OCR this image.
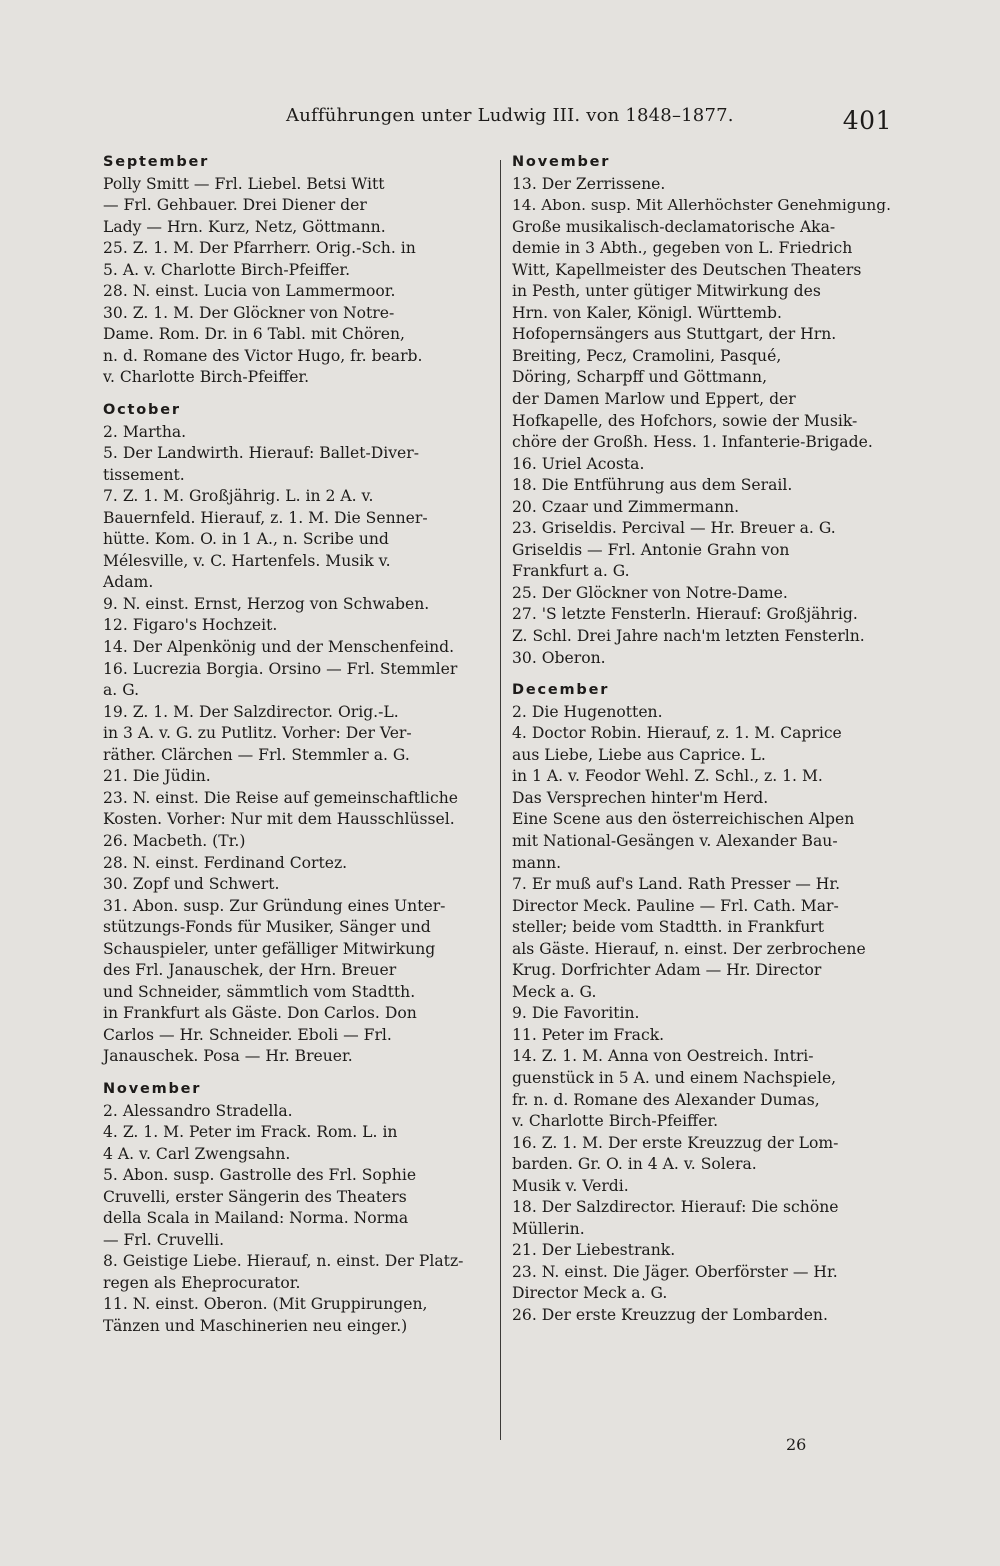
Aufführungen unter Ludwig III. von 1848–1877.	401
September
Polly Smitt — Frl. Liebel. Betsi Witt
— Frl. Gehbauer. Drei Diener der
Lady — Hrn. Kurz, Netz, Göttmann.
25. Z. 1. M. Der Pfarrherr. Orig.-Sch. in
5. A. v. Charlotte Birch-Pfeiffer.
28. N. einst. Lucia von Lammermoor.
30. Z. 1. M. Der Glöckner von Notre-
Dame. Rom. Dr. in 6 Tabl. mit Chören,
n. d. Romane des Victor Hugo, fr. bearb.
v. Charlotte Birch-Pfeiffer.
October
2. Martha.
5. Der Landwirth. Hierauf: Ballet-Diver-
tissement.
7. Z. 1. M. Großjährig. L. in 2 A. v.
Bauernfeld. Hierauf, z. 1. M. Die Senner-
hütte. Kom. O. in 1 A., n. Scribe und
Mélesville, v. C. Hartenfels. Musik v.
Adam.
9. N. einst. Ernst, Herzog von Schwaben.
12. Figaro's Hochzeit.
14. Der Alpenkönig und der Menschenfeind.
16. Lucrezia Borgia. Orsino — Frl. Stemmler
a. G.
19. Z. 1. M. Der Salzdirector. Orig.-L.
in 3 A. v. G. zu Putlitz. Vorher: Der Ver-
räther. Clärchen — Frl. Stemmler a. G.
21. Die Jüdin.
23. N. einst. Die Reise auf gemeinschaftliche
Kosten. Vorher: Nur mit dem Hausschlüssel.
26. Macbeth. (Tr.)
28. N. einst. Ferdinand Cortez.
30. Zopf und Schwert.
31. Abon. susp. Zur Gründung eines Unter-
stützungs-Fonds für Musiker, Sänger und
Schauspieler, unter gefälliger Mitwirkung
des Frl. Janauschek, der Hrn. Breuer
und Schneider, sämmtlich vom Stadtth.
in Frankfurt als Gäste. Don Carlos. Don
Carlos — Hr. Schneider. Eboli — Frl.
Janauschek. Posa — Hr. Breuer.
November
2. Alessandro Stradella.
4. Z. 1. M. Peter im Frack. Rom. L. in
4 A. v. Carl Zwengsahn.
5. Abon. susp. Gastrolle des Frl. Sophie
Cruvelli, erster Sängerin des Theaters
della Scala in Mailand: Norma. Norma
— Frl. Cruvelli.
8. Geistige Liebe. Hierauf, n. einst. Der Platz-
regen als Eheprocurator.
11. N. einst. Oberon. (Mit Gruppirungen,
Tänzen und Maschinerien neu einger.)
November
13. Der Zerrissene.
14. Abon. susp. Mit Allerhöchster Genehmigung.
Große musikalisch-declamatorische Aka-
demie in 3 Abth., gegeben von L. Friedrich
Witt, Kapellmeister des Deutschen Theaters
in Pesth, unter gütiger Mitwirkung des
Hrn. von Kaler, Königl. Württemb.
Hofopernsängers aus Stuttgart, der Hrn.
Breiting, Pecz, Cramolini, Pasqué,
Döring, Scharpff und Göttmann,
der Damen Marlow und Eppert, der
Hofkapelle, des Hofchors, sowie der Musik-
chöre der Großh. Hess. 1. Infanterie-Brigade.
16. Uriel Acosta.
18. Die Entführung aus dem Serail.
20. Czaar und Zimmermann.
23. Griseldis. Percival — Hr. Breuer a. G.
Griseldis — Frl. Antonie Grahn von
Frankfurt a. G.
25. Der Glöckner von Notre-Dame.
27. 'S letzte Fensterln. Hierauf: Großjährig.
Z. Schl. Drei Jahre nach'm letzten Fensterln.
30. Oberon.
December
2. Die Hugenotten.
4. Doctor Robin. Hierauf, z. 1. M. Caprice
aus Liebe, Liebe aus Caprice. L.
in 1 A. v. Feodor Wehl. Z. Schl., z. 1. M.
Das Versprechen hinter'm Herd.
Eine Scene aus den österreichischen Alpen
mit National-Gesängen v. Alexander Bau-
mann.
7. Er muß auf's Land. Rath Presser — Hr.
Director Meck. Pauline — Frl. Cath. Mar-
steller; beide vom Stadtth. in Frankfurt
als Gäste. Hierauf, n. einst. Der zerbrochene
Krug. Dorfrichter Adam — Hr. Director
Meck a. G.
9. Die Favoritin.
11. Peter im Frack.
14. Z. 1. M. Anna von Oestreich. Intri-
guenstück in 5 A. und einem Nachspiele,
fr. n. d. Romane des Alexander Dumas,
v. Charlotte Birch-Pfeiffer.
16. Z. 1. M. Der erste Kreuzzug der Lom-
barden. Gr. O. in 4 A. v. Solera.
Musik v. Verdi.
18. Der Salzdirector. Hierauf: Die schöne
Müllerin.
21. Der Liebestrank.
23. N. einst. Die Jäger. Oberförster — Hr.
Director Meck a. G.
26. Der erste Kreuzzug der Lombarden.
26
